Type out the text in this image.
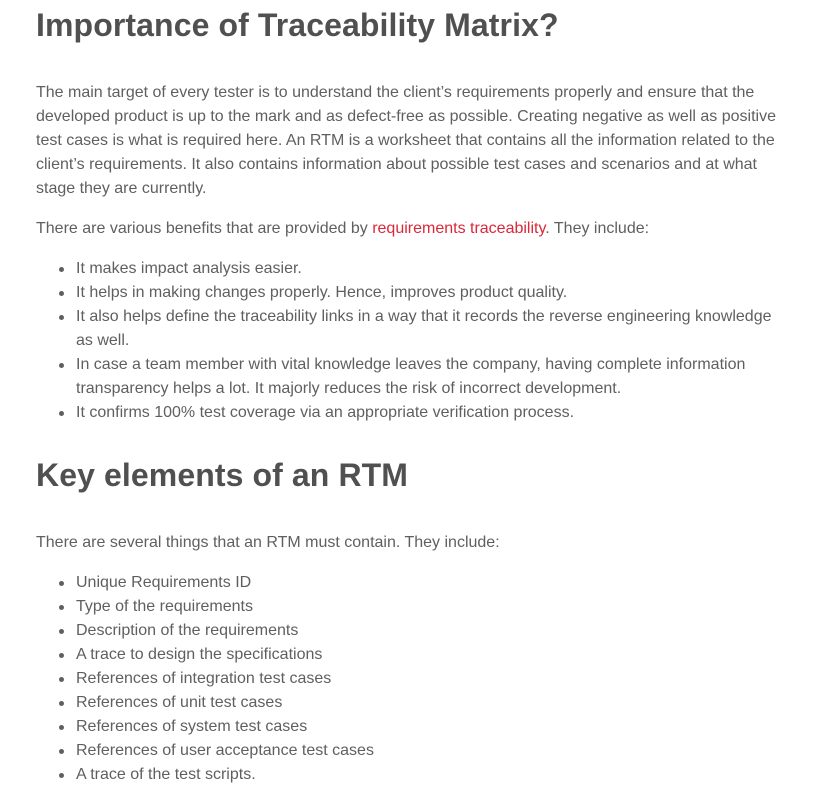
Importance of Traceability Matrix?

The main target of every tester is to understand the client’s requirements properly and ensure that the developed product is up to the mark and as defect-free as possible. Creating negative as well as positive test cases is what is required here. An RTM is a worksheet that contains all the information related to the client’s requirements. It also contains information about possible test cases and scenarios and at what stage they are currently.

There are various benefits that are provided by requirements traceability. They include:

It makes impact analysis easier.
It helps in making changes properly. Hence, improves product quality.
It also helps define the traceability links in a way that it records the reverse engineering knowledge as well.
In case a team member with vital knowledge leaves the company, having complete information transparency helps a lot. It majorly reduces the risk of incorrect development.
It confirms 100% test coverage via an appropriate verification process.
Key elements of an RTM

There are several things that an RTM must contain. They include:

Unique Requirements ID
Type of the requirements
Description of the requirements
A trace to design the specifications
References of integration test cases
References of unit test cases
References of system test cases
References of user acceptance test cases
A trace of the test scripts.
